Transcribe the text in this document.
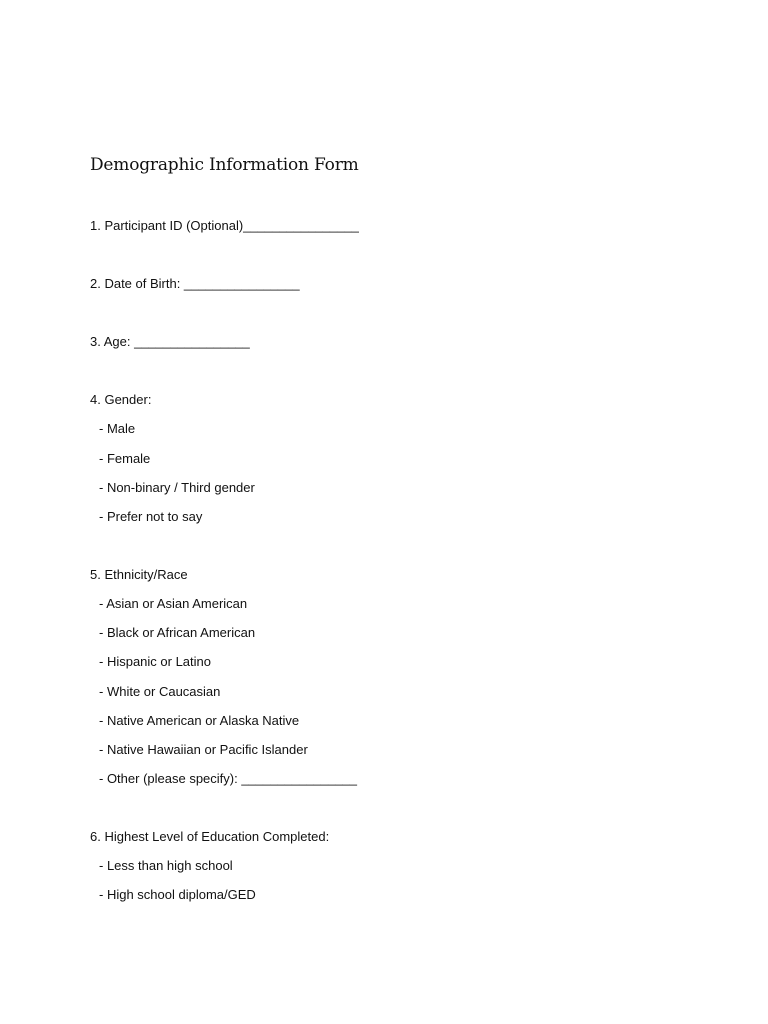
Demographic Information Form
1. Participant ID (Optional)________________
2. Date of Birth: ________________
3. Age: ________________
4. Gender:
- Male
- Female
- Non-binary / Third gender
- Prefer not to say
5. Ethnicity/Race
- Asian or Asian American
- Black or African American
- Hispanic or Latino
- White or Caucasian
- Native American or Alaska Native
- Native Hawaiian or Pacific Islander
- Other (please specify): ________________
6. Highest Level of Education Completed:
- Less than high school
- High school diploma/GED
